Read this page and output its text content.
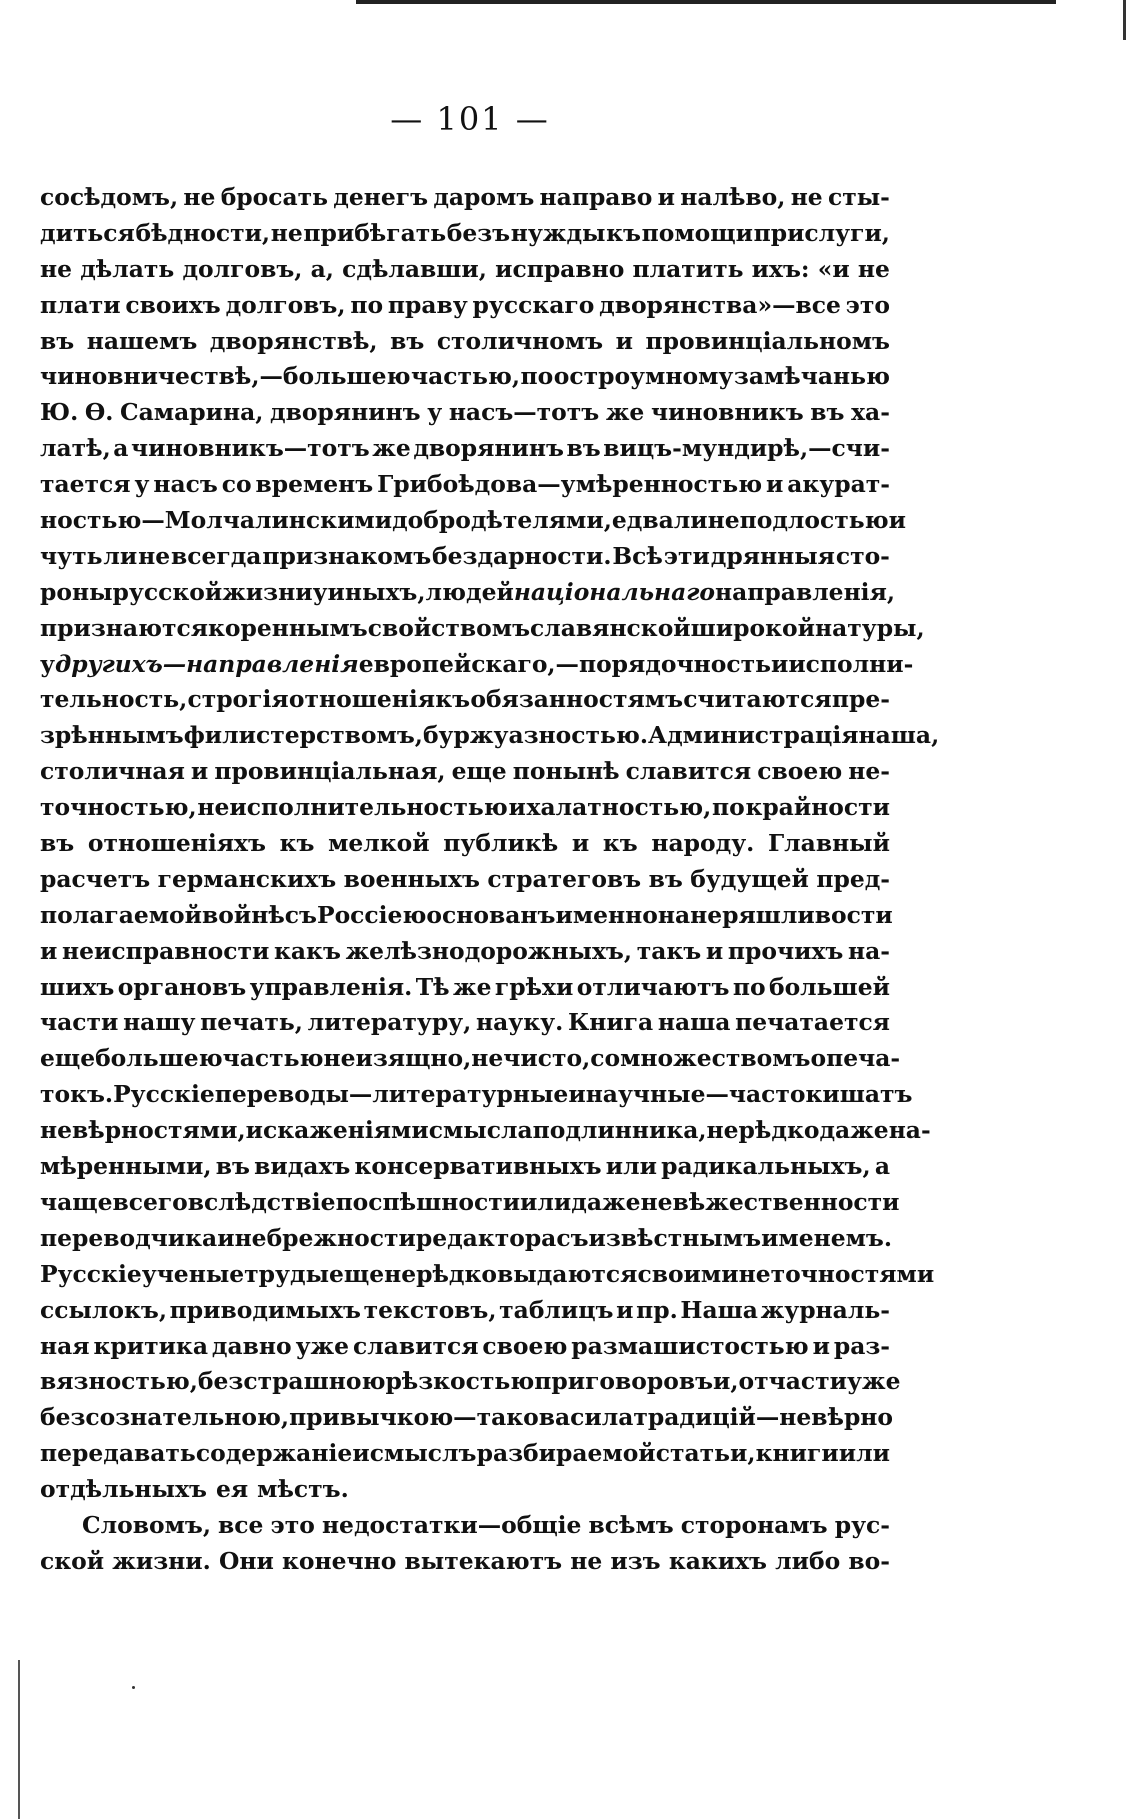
— 101 —
сосѣдомъ, не бросать денегъ даромъ направо и налѣво, не сты-
диться бѣдности, не прибѣгать безъ нужды къ помощи прислуги,
не дѣлать долговъ, а, сдѣлавши, исправно платить ихъ: «и не
плати своихъ долговъ, по праву русскаго дворянства»—все это
въ нашемъ дворянствѣ, въ столичномъ и провинціальномъ
чиновничествѣ,—большею частью, по остроумному замѣчанью
Ю. Ѳ. Самарина, дворянинъ у насъ—тотъ же чиновникъ въ ха-
латѣ, а чиновникъ—тотъ же дворянинъ въ вицъ-мундирѣ,—счи-
тается у насъ со временъ Грибоѣдова—умѣренностью и акурат-
ностью—Молчалинскими добродѣтелями, едва ли не подлостью и
чуть ли не всегда признакомъ бездарности. Всѣ эти дрянныя сто-
роны русской жизни у иныхъ, людей національнаго направленія,
признаются кореннымъ свойствомъ славянской широкой натуры,
у другихъ—направленія европейскаго,—порядочность и исполни-
тельность, строгія отношенія къ обязанностямъ считаются пре-
зрѣннымъ филистерствомъ, буржуазностью. Администрація наша,
столичная и провинціальная, еще понынѣ славится своею не-
точностью, неисполнительностью и халатностью, по крайности
въ отношеніяхъ къ мелкой публикѣ и къ народу. Главный
расчетъ германскихъ военныхъ стратеговъ въ будущей пред-
полагаемой войнѣ съ Россіею основанъ именно на неряшливости
и неисправности какъ желѣзнодорожныхъ, такъ и прочихъ на-
шихъ органовъ управленія. Тѣ же грѣхи отличаютъ по большей
части нашу печать, литературу, науку. Книга наша печатается
еще большею частью неизящно, нечисто, со множествомъ опеча-
токъ. Русскіе переводы—литературные и научные—часто кишатъ
невѣрностями, искаженіями смысла подлинника, нерѣдко даже на-
мѣренными, въ видахъ консервативныхъ или радикальныхъ, а
чаще всего вслѣдствіе поспѣшности или даже невѣжественности
переводчика и небрежности редактора съ извѣстнымъ именемъ.
Русскіе ученые труды еще нерѣдко выдаются своими неточностями
ссылокъ, приводимыхъ текстовъ, таблицъ и пр. Наша журналь-
ная критика давно уже славится своею размашистостью и раз-
вязностью, безстрашною рѣзкостью приговоровъ и, отчасти уже
безсознательною, привычкою—такова сила традицій—невѣрно
передавать содержаніе и смыслъ разбираемой статьи, книги или
отдѣльныхъ ея мѣстъ.
Словомъ, все это недостатки—общіе всѣмъ сторонамъ рус-
ской жизни. Они конечно вытекаютъ не изъ какихъ либо во-
